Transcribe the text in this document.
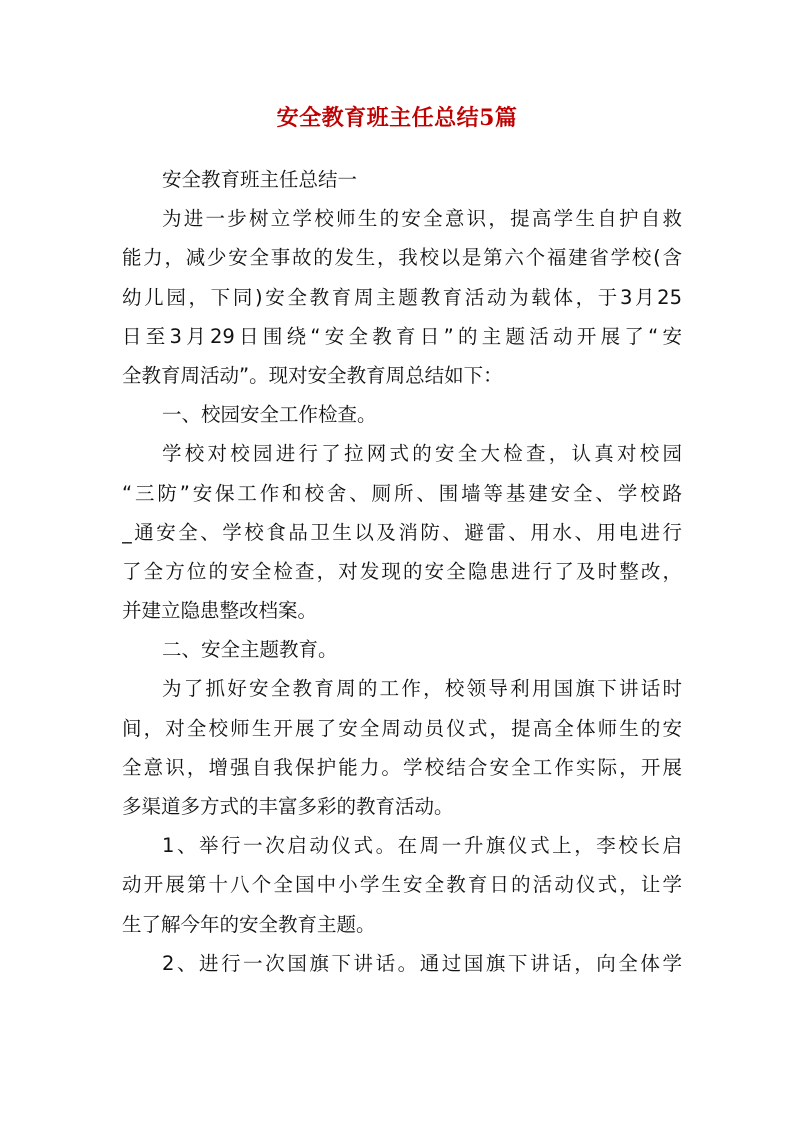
安全教育班主任总结5篇
安全教育班主任总结一
为进一步树立学校师生的安全意识，提高学生自护自救
能力，减少安全事故的发生，我校以是第六个福建省学校(含
幼儿园，下同)安全教育周主题教育活动为载体，于3月25
日至3月29日围绕“安全教育日”的主题活动开展了“安
全教育周活动”。现对安全教育周总结如下：
一、校园安全工作检查。
学校对校园进行了拉网式的安全大检查，认真对校园
“三防”安保工作和校舍、厕所、围墙等基建安全、学校路
_通安全、学校食品卫生以及消防、避雷、用水、用电进行
了全方位的安全检查，对发现的安全隐患进行了及时整改，
并建立隐患整改档案。
二、安全主题教育。
为了抓好安全教育周的工作，校领导利用国旗下讲话时
间，对全校师生开展了安全周动员仪式，提高全体师生的安
全意识，增强自我保护能力。学校结合安全工作实际，开展
多渠道多方式的丰富多彩的教育活动。
1、举行一次启动仪式。在周一升旗仪式上，李校长启
动开展第十八个全国中小学生安全教育日的活动仪式，让学
生了解今年的安全教育主题。
2、进行一次国旗下讲话。通过国旗下讲话，向全体学
